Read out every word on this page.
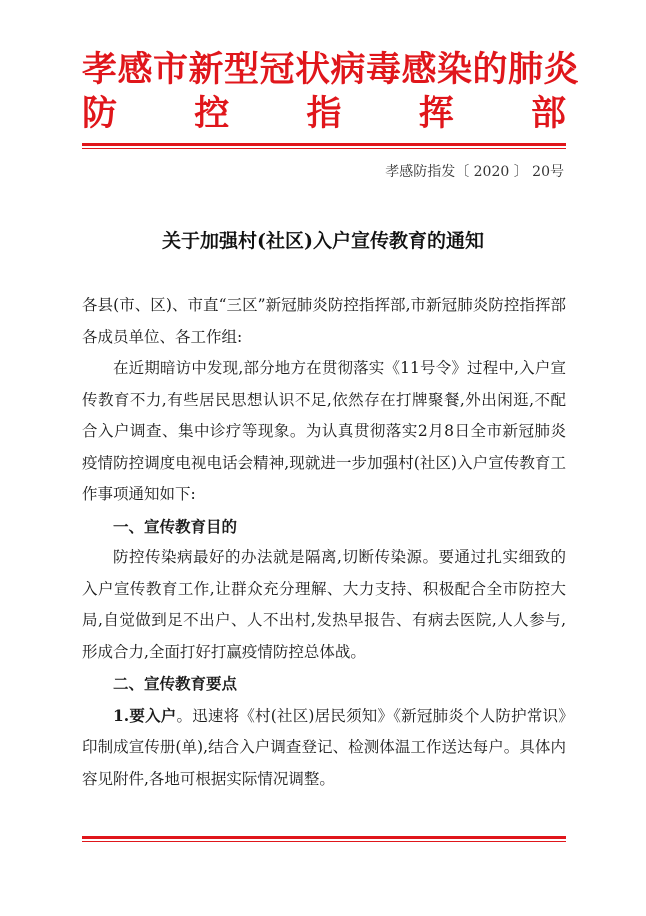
孝感市新型冠状病毒感染的肺炎
防 控 指 挥 部
孝感防指发〔 2020 〕 20号
关于加强村(社区)入户宣传教育的通知

各县(市、区)、市直“三区”新冠肺炎防控指挥部,市新冠肺炎防控指挥部各成员单位、各工作组:

在近期暗访中发现,部分地方在贯彻落实《11号令》过程中,入户宣传教育不力,有些居民思想认识不足,依然存在打牌聚餐,外出闲逛,不配合入户调查、集中诊疗等现象。为认真贯彻落实2月8日全市新冠肺炎疫情防控调度电视电话会精神,现就进一步加强村(社区)入户宣传教育工作事项通知如下:

一、宣传教育目的

防控传染病最好的办法就是隔离,切断传染源。要通过扎实细致的入户宣传教育工作,让群众充分理解、大力支持、积极配合全市防控大局,自觉做到足不出户、人不出村,发热早报告、有病去医院,人人参与,形成合力,全面打好打赢疫情防控总体战。

二、宣传教育要点

1.要入户。迅速将《村(社区)居民须知》《新冠肺炎个人防护常识》印制成宣传册(单),结合入户调查登记、检测体温工作送达每户。具体内容见附件,各地可根据实际情况调整。
